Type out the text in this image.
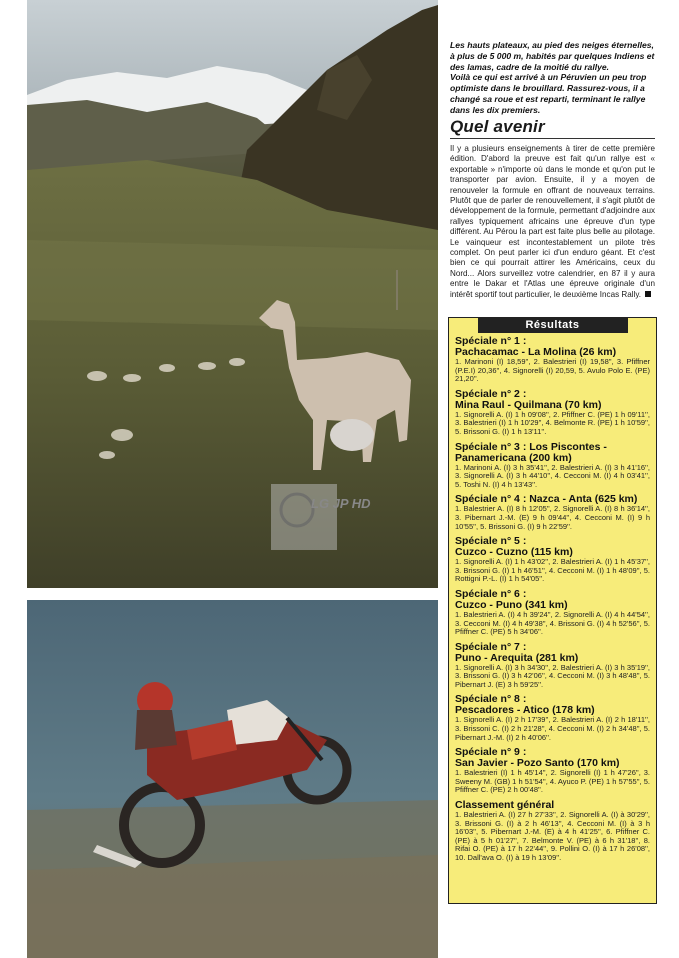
LG JP HD

Les hauts plateaux, au pied des neiges éternelles, à plus de 5 000 m, habités par quelques Indiens et des lamas, cadre de la moitié du rallye.

Voilà ce qui est arrivé à un Péruvien un peu trop optimiste dans le brouillard. Rassurez-vous, il a changé sa roue et est reparti, terminant le rallye dans les dix premiers.

Quel avenir

Il y a plusieurs enseignements à tirer de cette première édition. D'abord la preuve est fait qu'un rallye est « exportable » n'importe où dans le monde et qu'on put le transporter par avion. Ensuite, il y a moyen de renouveler la formule en offrant de nouveaux terrains. Plutôt que de parler de renouvellement, il s'agit plutôt de développement de la formule, permettant d'adjoindre aux rallyes typiquement africains une épreuve d'un type différent. Au Pérou la part est faite plus belle au pilotage. Le vainqueur est incontestablement un pilote très complet. On peut parler ici d'un enduro géant. Et c'est bien ce qui pourrait attirer les Américains, ceux du Nord... Alors surveillez votre calendrier, en 87 il y aura entre le Dakar et l'Atlas une épreuve originale d'un intérêt sportif tout particulier, le deuxième Incas Rally.

Résultats
Spéciale n° 1 :
Pachacamac - La Molina (26 km)
1. Marinoni (I) 18,59'', 2. Balestrieri (I) 19,58'', 3. Pfiffner (P.E.I) 20,36'', 4. Signorelli (I) 20,59, 5. Avulo Polo E. (PE) 21,20''.
Spéciale n° 2 :
Mina Raul - Quilmana (70 km)
1. Signorelli A. (I) 1 h 09'08'', 2. Pfiffner C. (PE) 1 h 09'11'', 3. Balestrieri (I) 1 h 10'29'', 4. Belmonte R. (PE) 1 h 10'59'', 5. Brissoni G. (I) 1 h 13'11''.
Spéciale n° 3 : Los Piscontes -
Panamericana (200 km)
1. Marinoni A. (I) 3 h 35'41'', 2. Balestrieri A. (I) 3 h 41'16'', 3. Signorelli A. (I) 3 h 44'10'', 4. Cecconi M. (I) 4 h 03'41'', 5. Toshi N. (I) 4 h 13'43''.
Spéciale n° 4 : Nazca - Anta (625 km)
1. Balestrier A. (I) 8 h 12'05'', 2. Signorelli A. (I) 8 h 36'14'', 3. Pibernart J.-M. (E) 9 h 09'44'', 4. Cecconi M. (I) 9 h 10'55'', 5. Brissoni G. (I) 9 h 22'59''.
Spéciale n° 5 :
Cuzco - Cuzno (115 km)
1. Signorelli A. (I) 1 h 43'02'', 2. Balestrieri A. (I) 1 h 45'37'', 3. Brissoni G. (I) 1 h 46'51'', 4. Cecconi M. (I) 1 h 48'09'', 5. Rottigni P.-L. (I) 1 h 54'05''.
Spéciale n° 6 :
Cuzco - Puno (341 km)
1. Balestrieri A. (I) 4 h 39'24'', 2. Signorelli A. (I) 4 h 44'54'', 3. Cecconi M. (I) 4 h 49'38'', 4. Brissoni G. (I) 4 h 52'56'', 5. Pfiffner C. (PE) 5 h 34'06''.
Spéciale n° 7 :
Puno - Arequita (281 km)
1. Signorelli A. (I) 3 h 34'30'', 2. Balestrieri A. (I) 3 h 35'19'', 3. Brissoni G. (I) 3 h 42'06'', 4. Cecconi M. (I) 3 h 48'48'', 5. Pibernart J. (E) 3 h 59'25''.
Spéciale n° 8 :
Pescadores - Atico (178 km)
1. Signorelli A. (I) 2 h 17'39'', 2. Balestrieri A. (I) 2 h 18'11'', 3. Brissoni C. (I) 2 h 21'28'', 4. Cecconi M. (I) 2 h 34'48'', 5. Pibernart J.-M. (I) 2 h 40'06''.
Spéciale n° 9 :
San Javier - Pozo Santo (170 km)
1. Balestrieri (I) 1 h 45'14'', 2. Signorelli (I) 1 h 47'26'', 3. Sweeny M. (GB) 1 h 51'54'', 4. Ayuco P. (PE) 1 h 57'55'', 5. Pfiffner C. (PE) 2 h 00'48''.
Classement général
1. Balestrieri A. (I) 27 h 27'33'', 2. Signorelli A. (I) à 30'29'', 3. Brissoni G. (I) à 2 h 46'13'', 4. Cecconi M. (I) à 3 h 16'03'', 5. Pibernart J.-M. (E) à 4 h 41'25'', 6. Pfiffner C. (PE) à 5 h 01'27'', 7. Belmonte V. (PE) à 6 h 31'18'', 8. Rifai O. (PE) à 17 h 22'44'', 9. Pollini O. (I) à 17 h 26'08'', 10. Dall'ava O. (I) à 19 h 13'09''.
